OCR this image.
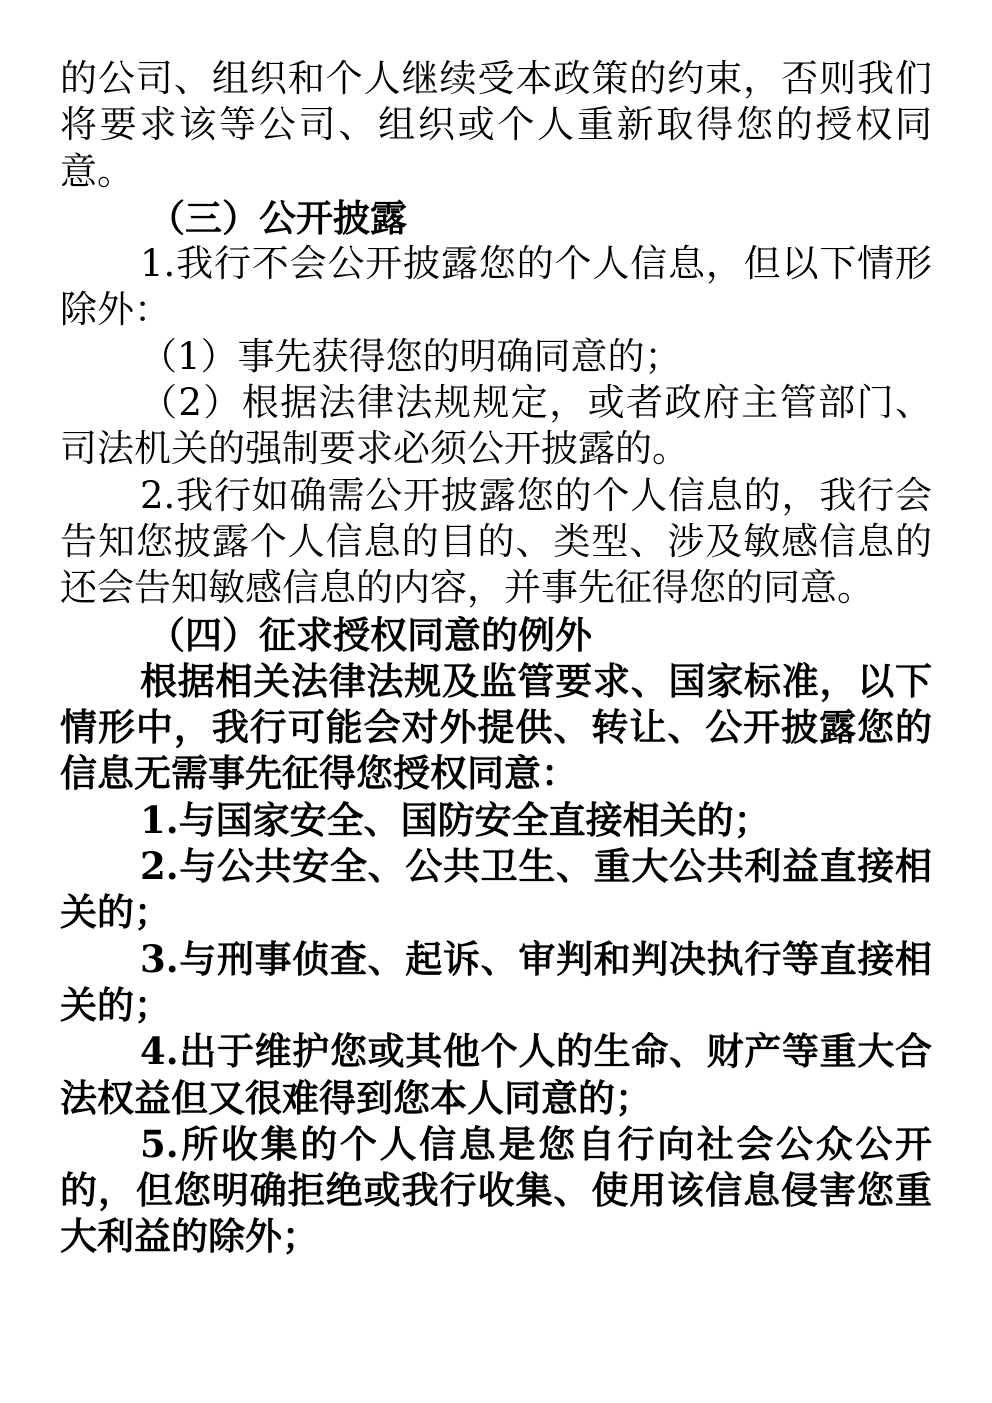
的公司、组织和个人继续受本政策的约束，否则我们将要求该等公司、组织或个人重新取得您的授权同意。

（三）公开披露

1.我行不会公开披露您的个人信息，但以下情形除外：

（1）事先获得您的明确同意的；

（2）根据法律法规规定，或者政府主管部门、司法机关的强制要求必须公开披露的。

2.我行如确需公开披露您的个人信息的，我行会告知您披露个人信息的目的、类型、涉及敏感信息的还会告知敏感信息的内容，并事先征得您的同意。

（四）征求授权同意的例外

根据相关法律法规及监管要求、国家标准，以下情形中，我行可能会对外提供、转让、公开披露您的信息无需事先征得您授权同意：

1.与国家安全、国防安全直接相关的；

2.与公共安全、公共卫生、重大公共利益直接相关的；

3.与刑事侦查、起诉、审判和判决执行等直接相关的；

4.出于维护您或其他个人的生命、财产等重大合法权益但又很难得到您本人同意的；

5.所收集的个人信息是您自行向社会公众公开的，但您明确拒绝或我行收集、使用该信息侵害您重大利益的除外；
